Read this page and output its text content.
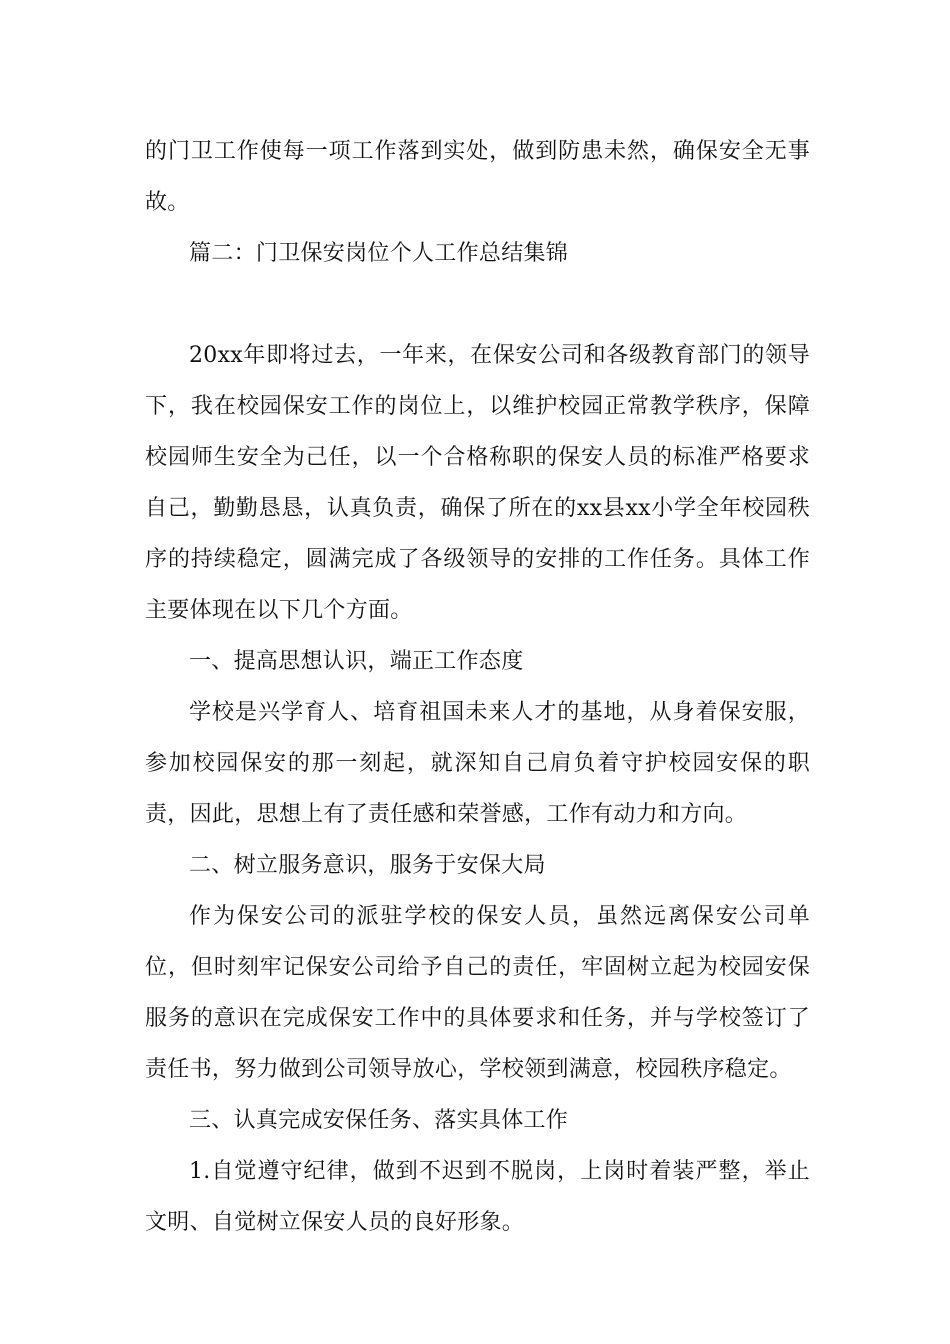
的门卫工作使每一项工作落到实处，做到防患未然，确保安全无事故。

篇二：门卫保安岗位个人工作总结集锦

20xx年即将过去，一年来，在保安公司和各级教育部门的领导下，我在校园保安工作的岗位上，以维护校园正常教学秩序，保障校园师生安全为己任，以一个合格称职的保安人员的标准严格要求自己，勤勤恳恳，认真负责，确保了所在的xx县xx小学全年校园秩序的持续稳定，圆满完成了各级领导的安排的工作任务。具体工作主要体现在以下几个方面。

一、提高思想认识，端正工作态度

学校是兴学育人、培育祖国未来人才的基地，从身着保安服，参加校园保安的那一刻起，就深知自己肩负着守护校园安保的职责，因此，思想上有了责任感和荣誉感，工作有动力和方向。

二、树立服务意识，服务于安保大局

作为保安公司的派驻学校的保安人员，虽然远离保安公司单位，但时刻牢记保安公司给予自己的责任，牢固树立起为校园安保服务的意识在完成保安工作中的具体要求和任务，并与学校签订了责任书，努力做到公司领导放心，学校领到满意，校园秩序稳定。

三、认真完成安保任务、落实具体工作

1.自觉遵守纪律，做到不迟到不脱岗，上岗时着装严整，举止文明、自觉树立保安人员的良好形象。
